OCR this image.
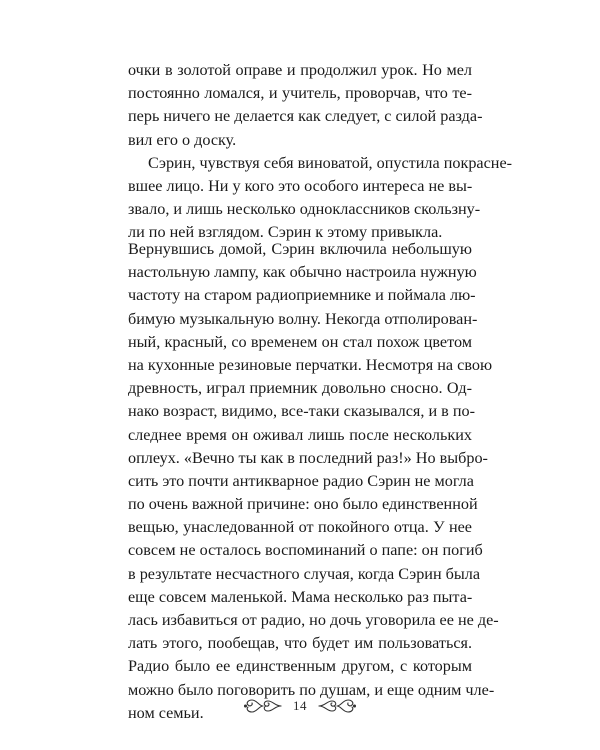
очки в золотой оправе и продолжил урок. Но мел
постоянно ломался, и учитель, проворчав, что те-
перь ничего не делается как следует, с силой разда-
вил его о доску.
Сэрин, чувствуя себя виноватой, опустила покрасне-
вшее лицо. Ни у кого это особого интереса не вы-
звало, и лишь несколько одноклассников скользну-
ли по ней взглядом. Сэрин к этому привыкла.
Вернувшись домой, Сэрин включила небольшую
настольную лампу, как обычно настроила нужную
частоту на старом радиоприемнике и поймала лю-
бимую музыкальную волну. Некогда отполирован-
ный, красный, со временем он стал похож цветом
на кухонные резиновые перчатки. Несмотря на свою
древность, играл приемник довольно сносно. Од-
нако возраст, видимо, все-таки сказывался, и в по-
следнее время он оживал лишь после нескольких
оплеух. «Вечно ты как в последний раз!» Но выбро-
сить это почти антикварное радио Сэрин не могла
по очень важной причине: оно было единственной
вещью, унаследованной от покойного отца. У нее
совсем не осталось воспоминаний о папе: он погиб
в результате несчастного случая, когда Сэрин была
еще совсем маленькой. Мама несколько раз пыта-
лась избавиться от радио, но дочь уговорила ее не де-
лать этого, пообещав, что будет им пользоваться.
Радио было ее единственным другом, с которым
можно было поговорить по душам, и еще одним чле-
ном семьи.	14
